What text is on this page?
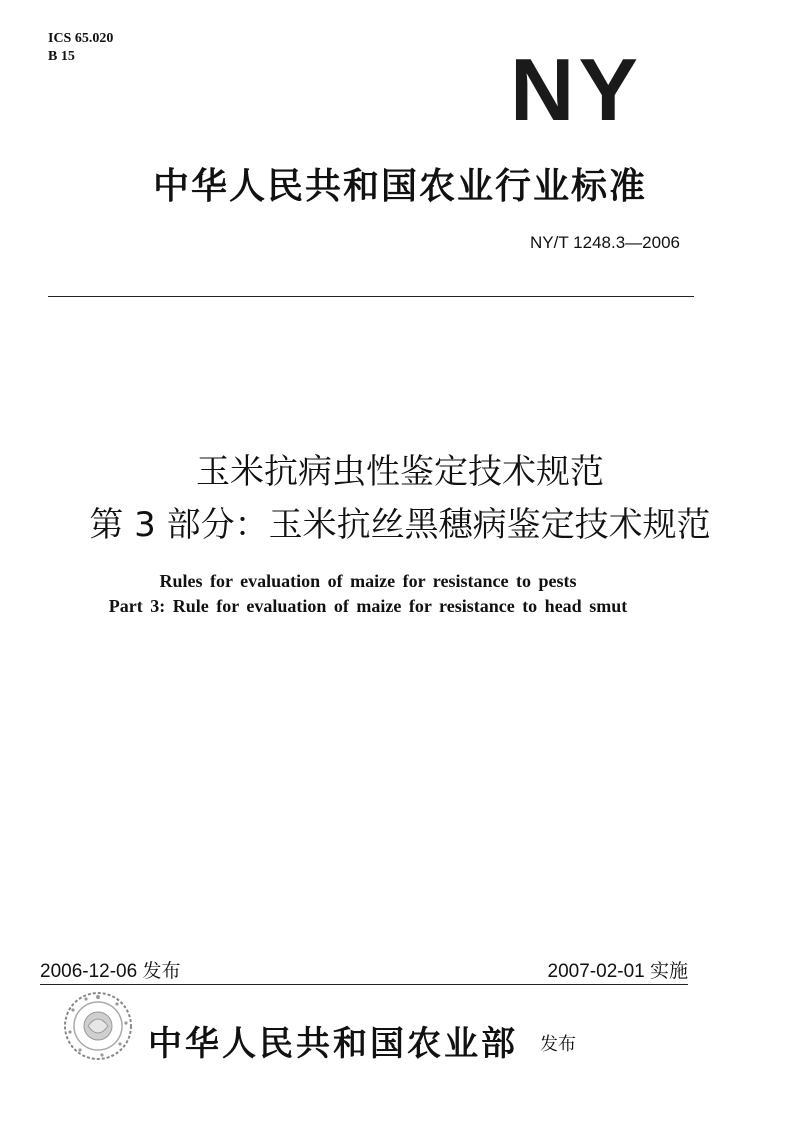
ICS 65.020
B 15	NY
中华人民共和国农业行业标准
NY/T 1248.3—2006
玉米抗病虫性鉴定技术规范
第 3 部分：玉米抗丝黑穗病鉴定技术规范
Rules for evaluation of maize for resistance to pests
Part 3: Rule for evaluation of maize for resistance to head smut
2006-12-06 发布	2007-02-01 实施
中华人民共和国农业部 发布
